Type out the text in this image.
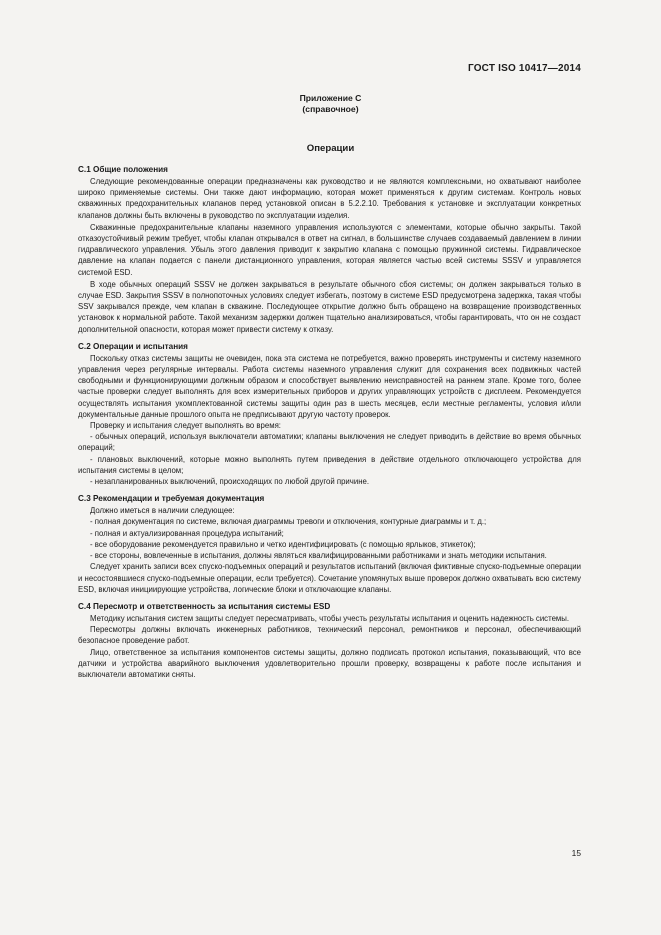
ГОСТ ISO 10417—2014
Приложение С
(справочное)
Операции
С.1 Общие положения

Следующие рекомендованные операции предназначены как руководство и не являются комплексными, но охватывают наиболее широко применяемые системы. Они также дают информацию, которая может применяться к другим системам. Контроль новых скважинных предохранительных клапанов перед установкой описан в 5.2.2.10. Требования к установке и эксплуатации конкретных клапанов должны быть включены в руководство по эксплуатации изделия.

Скважинные предохранительные клапаны наземного управления используются с элементами, которые обычно закрыты. Такой отказоустойчивый режим требует, чтобы клапан открывался в ответ на сигнал, в большинстве случаев создаваемый давлением в линии гидравлического управления. Убыль этого давления приводит к закрытию клапана с помощью пружинной системы. Гидравлическое давление на клапан подается с панели дистанционного управления, которая является частью всей системы SSSV и управляется системой ESD.

В ходе обычных операций SSSV не должен закрываться в результате обычного сбоя системы; он должен закрываться только в случае ESD. Закрытия SSSV в полнопоточных условиях следует избегать, поэтому в системе ESD предусмотрена задержка, такая чтобы SSV закрывался прежде, чем клапан в скважине. Последующее открытие должно быть обращено на возвращение производственных установок к нормальной работе. Такой механизм задержки должен тщательно анализироваться, чтобы гарантировать, что он не создаст дополнительной опасности, которая может привести систему к отказу.

С.2 Операции и испытания

Поскольку отказ системы защиты не очевиден, пока эта система не потребуется, важно проверять инструменты и систему наземного управления через регулярные интервалы. Работа системы наземного управления служит для сохранения всех подвижных частей свободными и функционирующими должным образом и способствует выявлению неисправностей на раннем этапе. Кроме того, более частые проверки следует выполнять для всех измерительных приборов и других управляющих устройств с дисплеем. Рекомендуется осуществлять испытания укомплектованной системы защиты один раз в шесть месяцев, если местные регламенты, условия и/или документальные данные прошлого опыта не предписывают другую частоту проверок.

Проверку и испытания следует выполнять во время:

- обычных операций, используя выключатели автоматики; клапаны выключения не следует приводить в действие во время обычных операций;

- плановых выключений, которые можно выполнять путем приведения в действие отдельного отключающего устройства для испытания системы в целом;

- незапланированных выключений, происходящих по любой другой причине.

С.3 Рекомендации и требуемая документация

Должно иметься в наличии следующее:

- полная документация по системе, включая диаграммы тревоги и отключения, контурные диаграммы и т. д.;

- полная и актуализированная процедура испытаний;

- все оборудование рекомендуется правильно и четко идентифицировать (с помощью ярлыков, этикеток);

- все стороны, вовлеченные в испытания, должны являться квалифицированными работниками и знать методики испытания.

Следует хранить записи всех спуско-подъемных операций и результатов испытаний (включая фиктивные спуско-подъемные операции и несостоявшиеся спуско-подъемные операции, если требуется). Сочетание упомянутых выше проверок должно охватывать всю систему ESD, включая инициирующие устройства, логические блоки и отключающие клапаны.

С.4 Пересмотр и ответственность за испытания системы ESD

Методику испытания систем защиты следует пересматривать, чтобы учесть результаты испытания и оценить надежность системы.

Пересмотры должны включать инженерных работников, технический персонал, ремонтников и персонал, обеспечивающий безопасное проведение работ.

Лицо, ответственное за испытания компонентов системы защиты, должно подписать протокол испытания, показывающий, что все датчики и устройства аварийного выключения удовлетворительно прошли проверку, возвращены к работе после испытания и выключатели автоматики сняты.

15
